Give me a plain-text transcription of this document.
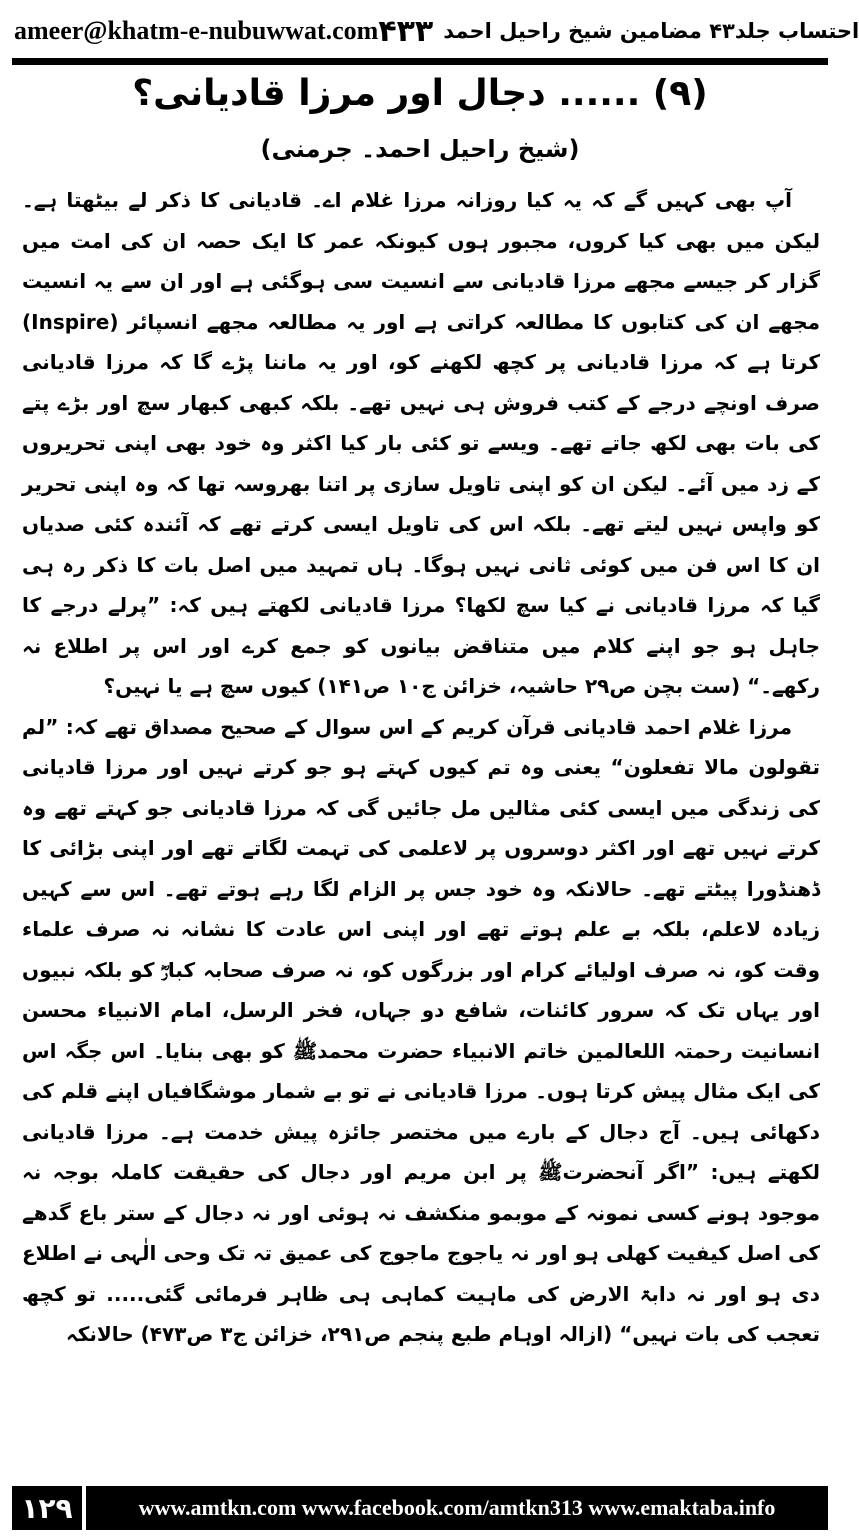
ameer@khatm-e-nubuwwat.com	احتساب جلد۴۳ مضامین شیخ راحیل احمد
۴۳۳
(۹) ...... دجال اور مرزا قادیانی؟
(شیخ راحیل احمد۔ جرمنی)

آپ بھی کہیں گے کہ یہ کیا روزانہ مرزا غلام اے۔ قادیانی کا ذکر لے بیٹھتا ہے۔ لیکن میں بھی کیا کروں، مجبور ہوں کیونکہ عمر کا ایک حصہ ان کی امت میں گزار کر جیسے مجھے مرزا قادیانی سے انسیت سی ہوگئی ہے اور ان سے یہ انسیت مجھے ان کی کتابوں کا مطالعہ کراتی ہے اور یہ مطالعہ مجھے انسپائر (Inspire) کرتا ہے کہ مرزا قادیانی پر کچھ لکھنے کو، اور یہ ماننا پڑے گا کہ مرزا قادیانی صرف اونچے درجے کے کتب فروش ہی نہیں تھے۔ بلکہ کبھی کبھار سچ اور بڑے پتے کی بات بھی لکھ جاتے تھے۔ ویسے تو کئی بار کیا اکثر وہ خود بھی اپنی تحریروں کے زد میں آئے۔ لیکن ان کو اپنی تاویل سازی پر اتنا بھروسہ تھا کہ وہ اپنی تحریر کو واپس نہیں لیتے تھے۔ بلکہ اس کی تاویل ایسی کرتے تھے کہ آئندہ کئی صدیاں ان کا اس فن میں کوئی ثانی نہیں ہوگا۔ ہاں تمہید میں اصل بات کا ذکر رہ ہی گیا کہ مرزا قادیانی نے کیا سچ لکھا؟ مرزا قادیانی لکھتے ہیں کہ: ”پرلے درجے کا جاہل ہو جو اپنے کلام میں متناقض بیانوں کو جمع کرے اور اس پر اطلاع نہ رکھے۔“ (ست بچن ص۲۹ حاشیہ، خزائن ج۱۰ ص۱۴۱) کیوں سچ ہے یا نہیں؟

مرزا غلام احمد قادیانی قرآن کریم کے اس سوال کے صحیح مصداق تھے کہ: ”لم تقولون مالا تفعلون“ یعنی وہ تم کیوں کہتے ہو جو کرتے نہیں اور مرزا قادیانی کی زندگی میں ایسی کئی مثالیں مل جائیں گی کہ مرزا قادیانی جو کہتے تھے وہ کرتے نہیں تھے اور اکثر دوسروں پر لاعلمی کی تہمت لگاتے تھے اور اپنی بڑائی کا ڈھنڈورا پیٹتے تھے۔ حالانکہ وہ خود جس پر الزام لگا رہے ہوتے تھے۔ اس سے کہیں زیادہ لاعلم، بلکہ بے علم ہوتے تھے اور اپنی اس عادت کا نشانہ نہ صرف علماء وقت کو، نہ صرف اولیائے کرام اور بزرگوں کو، نہ صرف صحابہ کبارؓ کو بلکہ نبیوں اور یہاں تک کہ سرور کائنات، شافع دو جہاں، فخر الرسل، امام الانبیاء محسن انسانیت رحمتہ اللعالمین خاتم الانبیاء حضرت محمدﷺ کو بھی بنایا۔ اس جگہ اس کی ایک مثال پیش کرتا ہوں۔ مرزا قادیانی نے تو بے شمار موشگافیاں اپنے قلم کی دکھائی ہیں۔ آج دجال کے بارے میں مختصر جائزہ پیش خدمت ہے۔ مرزا قادیانی لکھتے ہیں: ”اگر آنحضرتﷺ پر ابن مریم اور دجال کی حقیقت کاملہ بوجہ نہ موجود ہونے کسی نمونہ کے موبمو منکشف نہ ہوئی اور نہ دجال کے ستر باع گدھے کی اصل کیفیت کھلی ہو اور نہ یاجوج ماجوج کی عمیق تہ تک وحی الٰہی نے اطلاع دی ہو اور نہ دابۃ الارض کی ماہیت کماہی ہی ظاہر فرمائی گئی..... تو کچھ تعجب کی بات نہیں“ (ازالہ اوہام طبع پنجم ص۲۹۱، خزائن ج۳ ص۴۷۳) حالانکہ

۱۲۹	www.amtkn.com www.facebook.com/amtkn313 www.emaktaba.info
